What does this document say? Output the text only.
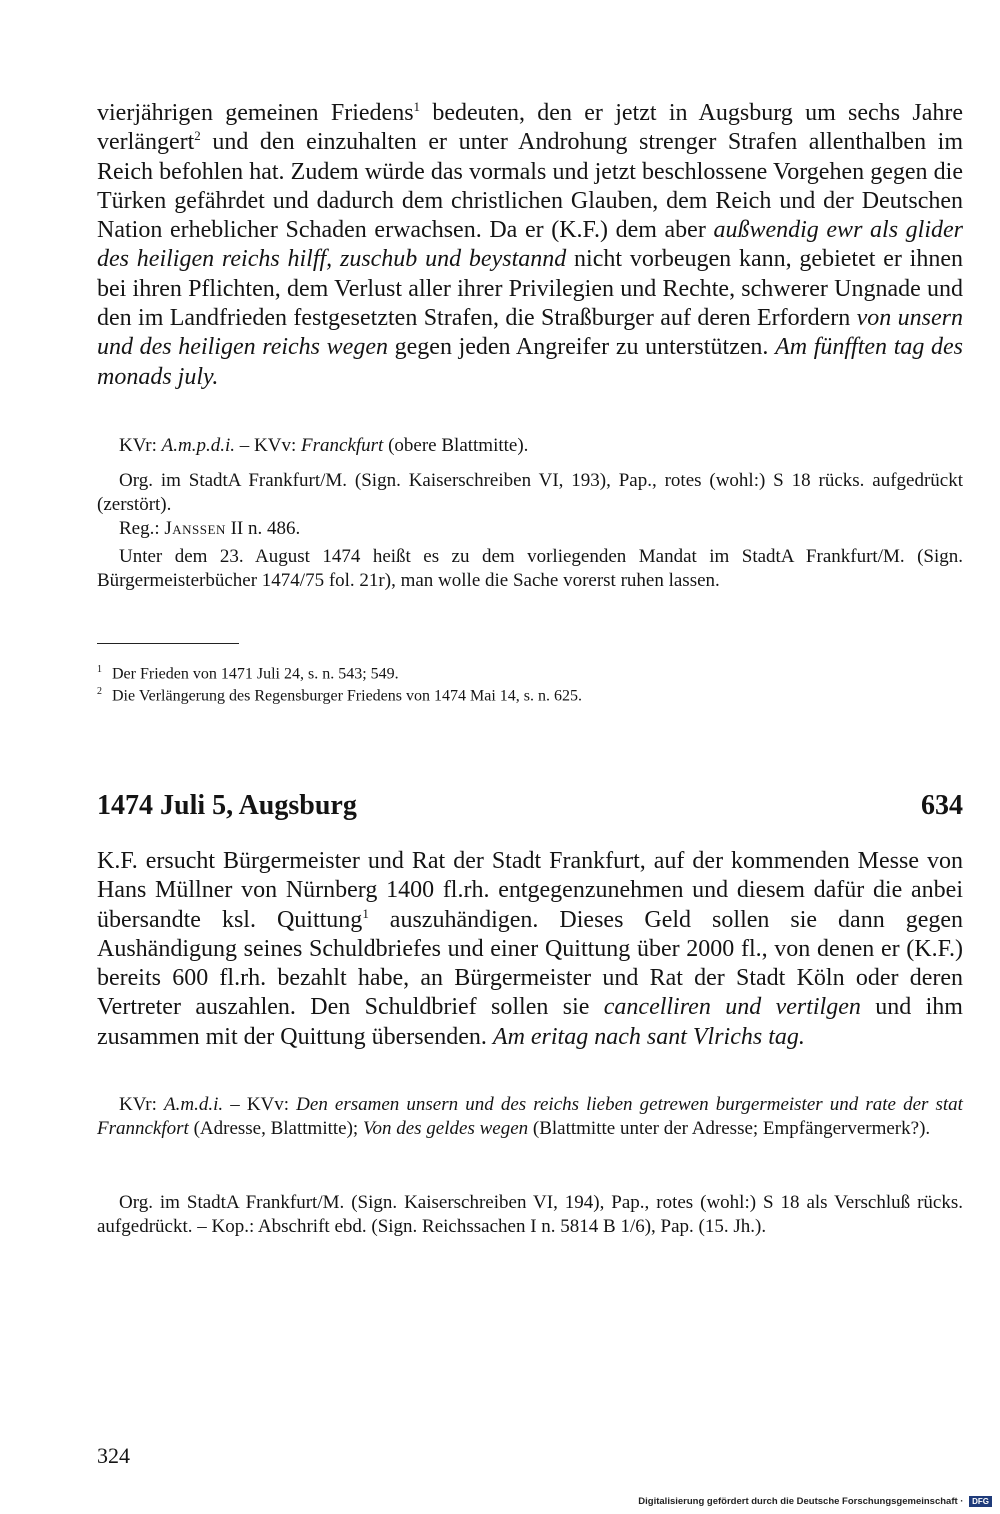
vierjährigen gemeinen Friedens$^1$ bedeuten, den er jetzt in Augsburg um sechs Jahre verlängert$^2$ und den einzuhalten er unter Androhung strenger Strafen allenthalben im Reich befohlen hat. Zudem würde das vormals und jetzt beschlossene Vorgehen gegen die Türken gefährdet und dadurch dem christlichen Glauben, dem Reich und der Deutschen Nation erheblicher Schaden erwachsen. Da er (K.F.) dem aber außwendig ewr als glider des heiligen reichs hilff, zuschub und beystannd nicht vorbeugen kann, gebietet er ihnen bei ihren Pflichten, dem Verlust aller ihrer Privilegien und Rechte, schwerer Ungnade und den im Landfrieden festgesetzten Strafen, die Straßburger auf deren Erfordern von unsern und des heiligen reichs wegen gegen jeden Angreifer zu unterstützen. Am fünfften tag des monads july.

KVr: A.m.p.d.i. – KVv: Franckfurt (obere Blattmitte).

Org. im StadtA Frankfurt/M. (Sign. Kaiserschreiben VI, 193), Pap., rotes (wohl:) S 18 rücks. aufgedrückt (zerstört).

Reg.: Janssen II n. 486.

Unter dem 23. August 1474 heißt es zu dem vorliegenden Mandat im StadtA Frankfurt/M. (Sign. Bürgermeisterbücher 1474/75 fol. 21r), man wolle die Sache vorerst ruhen lassen.

$^1$ Der Frieden von 1471 Juli 24, s. n. 543; 549.

$^2$ Die Verlängerung des Regensburger Friedens von 1474 Mai 14, s. n. 625.

1474 Juli 5, Augsburg	634

K.F. ersucht Bürgermeister und Rat der Stadt Frankfurt, auf der kommenden Messe von Hans Müllner von Nürnberg 1400 fl.rh. entgegenzunehmen und diesem dafür die anbei übersandte ksl. Quittung$^1$ auszuhändigen. Dieses Geld sollen sie dann gegen Aushändigung seines Schuldbriefes und einer Quittung über 2000 fl., von denen er (K.F.) bereits 600 fl.rh. bezahlt habe, an Bürgermeister und Rat der Stadt Köln oder deren Vertreter auszahlen. Den Schuldbrief sollen sie cancelliren und vertilgen und ihm zusammen mit der Quittung übersenden. Am eritag nach sant Vlrichs tag.

KVr: A.m.d.i. – KVv: Den ersamen unsern und des reichs lieben getrewen burgermeister und rate der stat Frannckfort (Adresse, Blattmitte); Von des geldes wegen (Blattmitte unter der Adresse; Empfängervermerk?).

Org. im StadtA Frankfurt/M. (Sign. Kaiserschreiben VI, 194), Pap., rotes (wohl:) S 18 als Verschluß rücks. aufgedrückt. – Kop.: Abschrift ebd. (Sign. Reichssachen I n. 5814 B 1/6), Pap. (15. Jh.).

324
Digitalisierung gefördert durch die Deutsche Forschungsgemeinschaft · DFG
